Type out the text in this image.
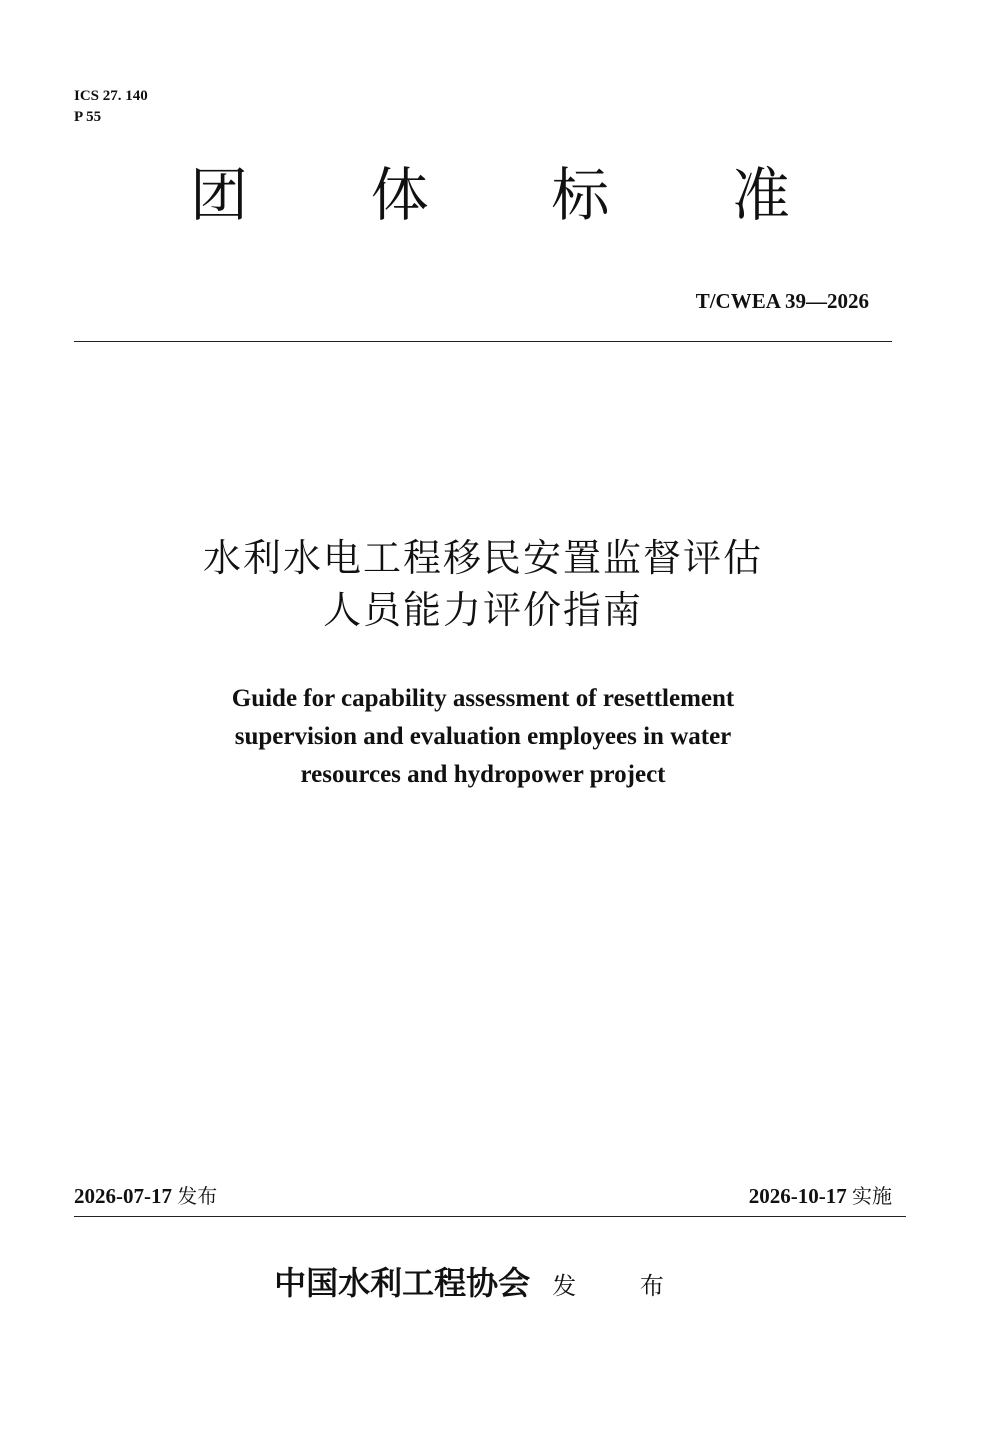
ICS 27. 140
P 55
团 体 标 准
T/CWEA 39—2026
水利水电工程移民安置监督评估
人员能力评价指南
Guide for capability assessment of resettlement
supervision and evaluation employees in water
resources and hydropower project
2026-07-17 发布	2026-10-17 实施
中国水利工程协会 发 布
